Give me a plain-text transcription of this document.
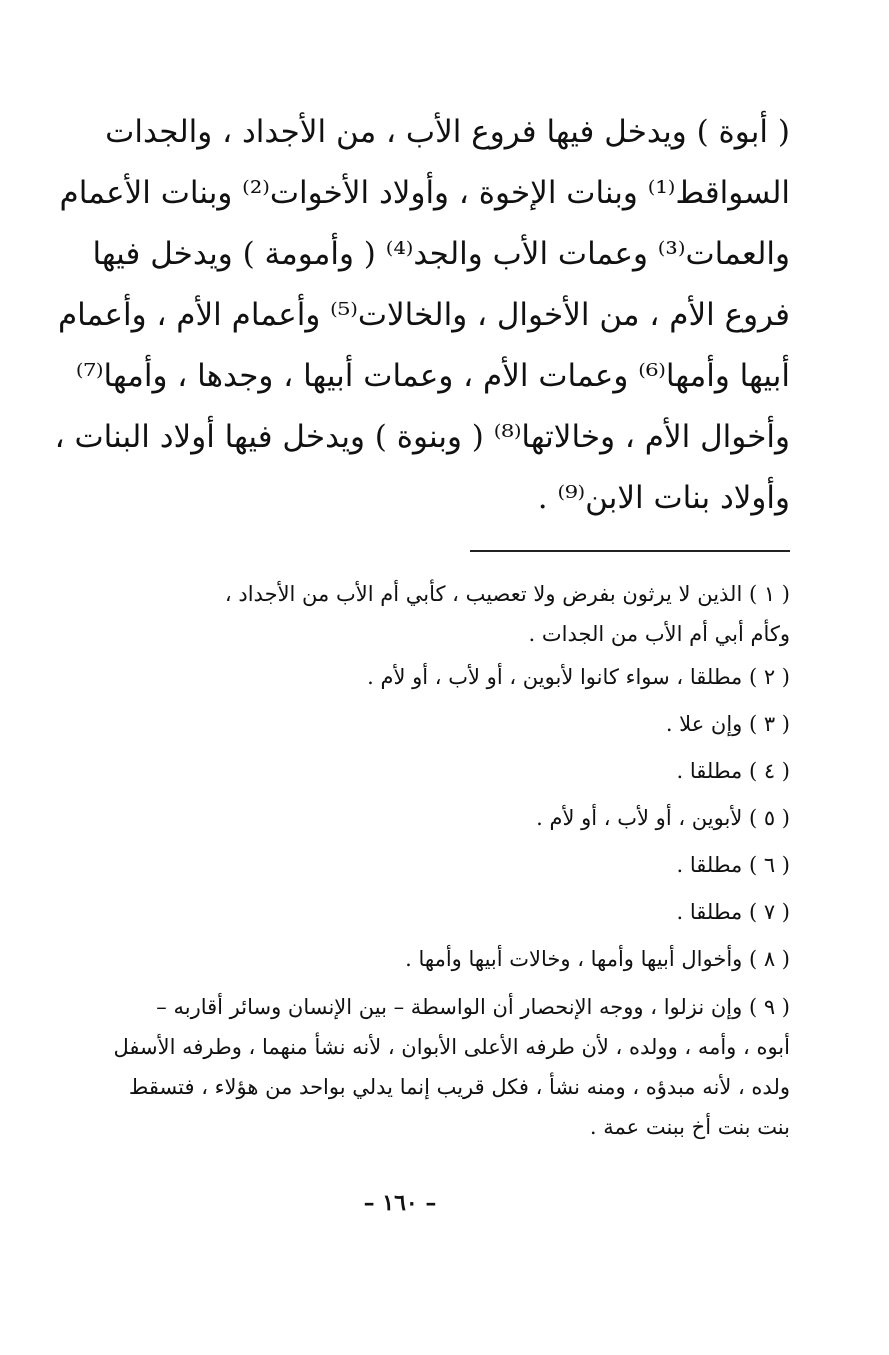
( أبوة ) ويدخل فيها فروع الأب ، من الأجداد ، والجدات
السواقط⁽¹⁾ وبنات الإخوة ، وأولاد الأخوات⁽²⁾ وبنات الأعمام
والعمات⁽³⁾ وعمات الأب والجد⁽⁴⁾ ( وأمومة ) ويدخل فيها
فروع الأم ، من الأخوال ، والخالات⁽⁵⁾ وأعمام الأم ، وأعمام
أبيها وأمها⁽⁶⁾ وعمات الأم ، وعمات أبيها ، وجدها ، وأمها⁽⁷⁾
وأخوال الأم ، وخالاتها⁽⁸⁾ ( وبنوة ) ويدخل فيها أولاد البنات ،
وأولاد بنات الابن⁽⁹⁾ .
( ١ ) الذين لا يرثون بفرض ولا تعصيب ، كأبي أم الأب من الأجداد ،
وكأم أبي أم الأب من الجدات .
( ٢ ) مطلقا ، سواء كانوا لأبوين ، أو لأب ، أو لأم .
( ٣ ) وإن علا .
( ٤ ) مطلقا .
( ٥ ) لأبوين ، أو لأب ، أو لأم .
( ٦ ) مطلقا .
( ٧ ) مطلقا .
( ٨ ) وأخوال أبيها وأمها ، وخالات أبيها وأمها .
( ٩ ) وإن نزلوا ، ووجه الإنحصار أن الواسطة – بين الإنسان وسائر أقاربه –
أبوه ، وأمه ، وولده ، لأن طرفه الأعلى الأبوان ، لأنه نشأ منهما ، وطرفه الأسفل
ولده ، لأنه مبدؤه ، ومنه نشأ ، فكل قريب إنما يدلي بواحد من هؤلاء ، فتسقط
بنت بنت أخ ببنت عمة .
– ١٦٠ –
